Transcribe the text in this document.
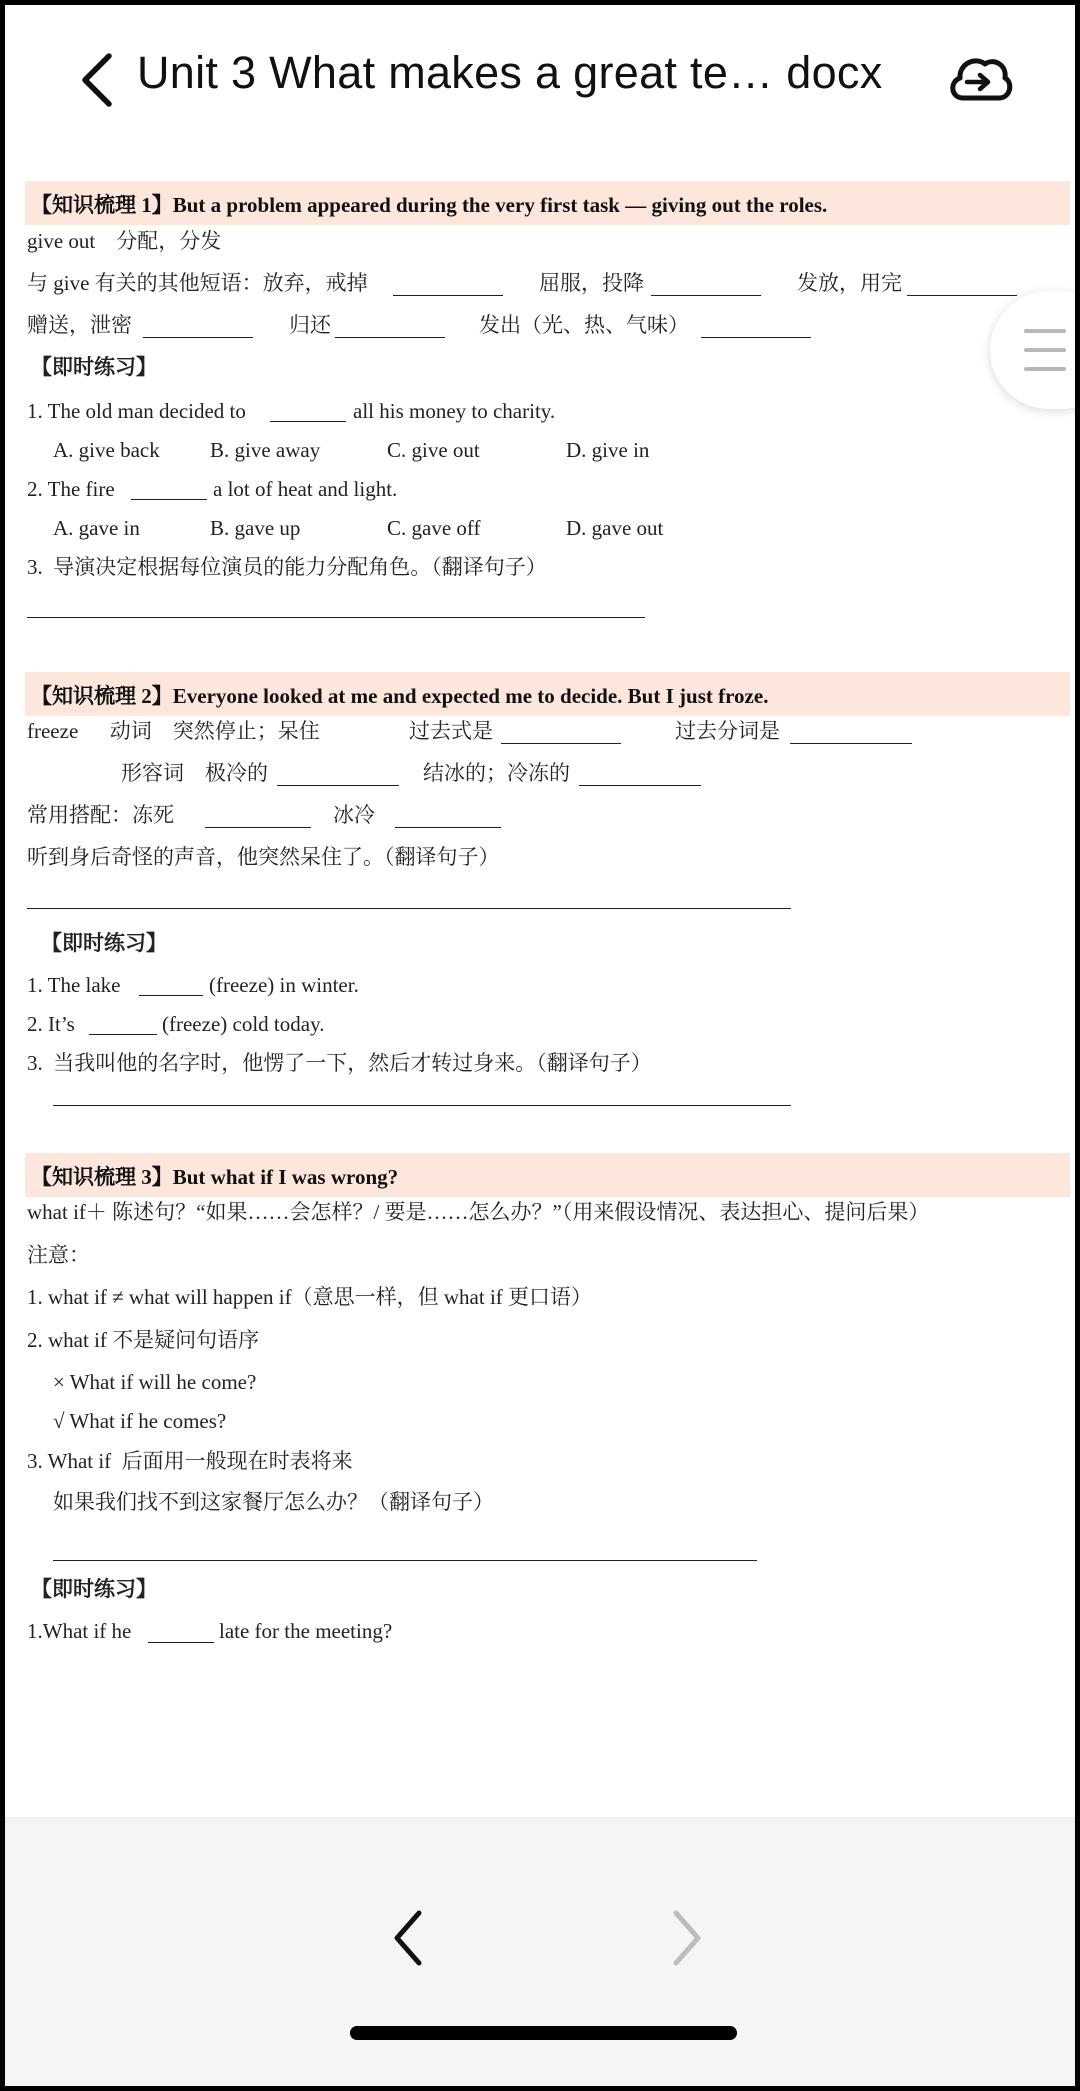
Unit 3 What makes a great te… docx
【知识梳理 1】But a problem appeared during the very first task — giving out the roles.
give out    分配，分发
与 give 有关的其他短语：放弃，戒掉	屈服，投降	发放，用完
赠送，泄密	归还	发出（光、热、气味）
【即时练习】
1. The old man decided to	all his money to charity.
A. give back B. give away	C. give out	D. give in
2. The fire	a lot of heat and light.
A. gave in	B. gave up	C. gave off	D. gave out
3.  导演决定根据每位演员的能力分配角色。（翻译句子）
【知识梳理 2】Everyone looked at me and expected me to decide. But I just froze.
freeze      动词    突然停止；呆住	过去式是	过去分词是
形容词    极冷的	结冰的；冷冻的
常用搭配：冻死	冰冷
听到身后奇怪的声音，他突然呆住了。（翻译句子）
【即时练习】
1. The lake	(freeze) in winter.
2. It’s	(freeze) cold today.
3.  当我叫他的名字时，他愣了一下，然后才转过身来。（翻译句子）
【知识梳理 3】But what if I was wrong?
what if＋ 陈述句？“如果……会怎样？/ 要是……怎么办？”（用来假设情况、表达担心、提问后果）
注意：
1. what if ≠ what will happen if（意思一样，但 what if 更口语）
2. what if 不是疑问句语序
× What if will he come?
√ What if he comes?
3. What if  后面用一般现在时表将来
如果我们找不到这家餐厅怎么办？（翻译句子）
【即时练习】
1.What if he	late for the meeting?
